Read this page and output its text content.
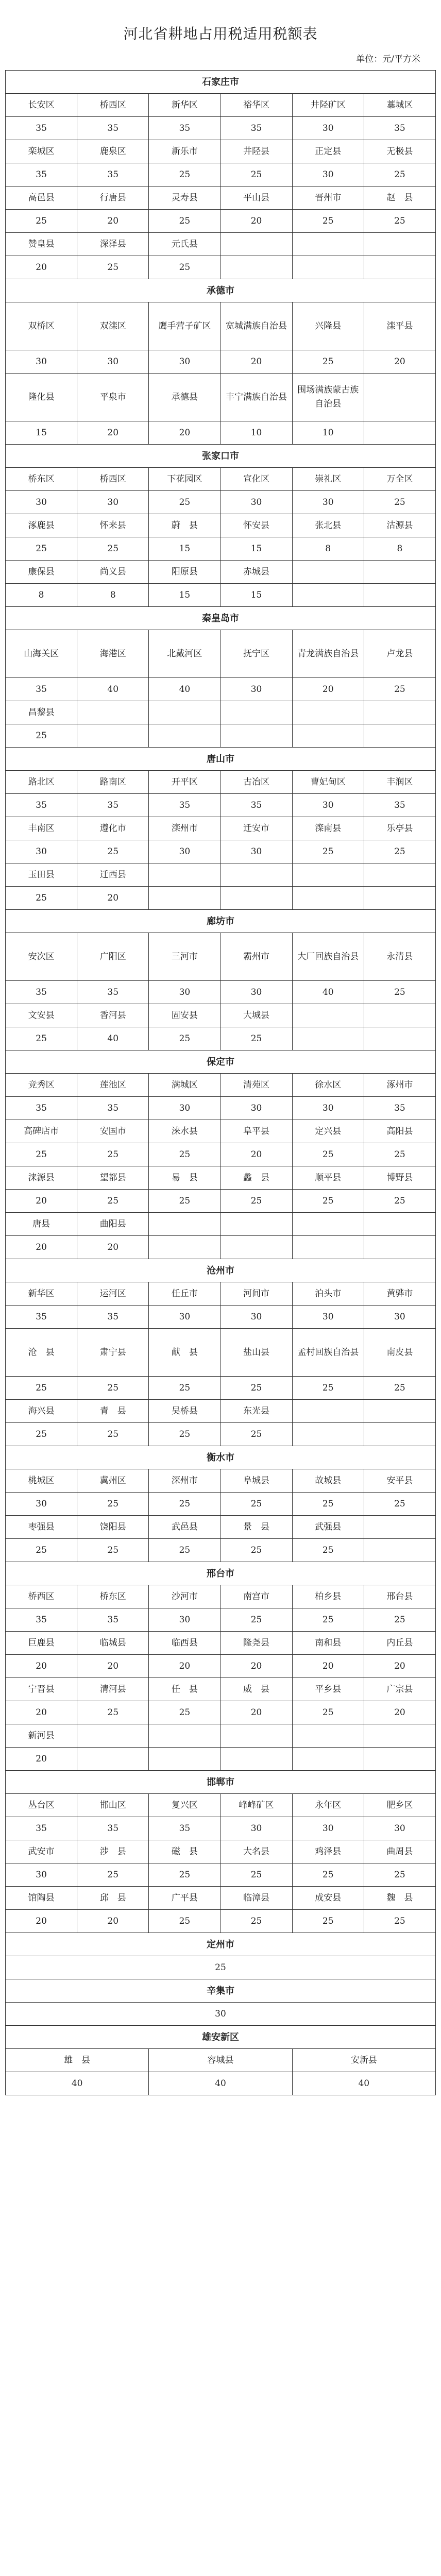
河北省耕地占用税适用税额表
单位：元/平方米
石家庄市					
长安区	桥西区	新华区	裕华区	井陉矿区	藁城区
35	35	35	35	30	35
栾城区	鹿泉区	新乐市	井陉县	正定县	无极县
35	35	25	25	30	25
高邑县	行唐县	灵寿县	平山县	晋州市	赵　县
25	20	25	20	25	25
赞皇县	深泽县	元氏县			
20	25	25			
承德市					
双桥区	双滦区	鹰手营子矿区	宽城满族自治县	兴隆县	滦平县
30	30	30	20	25	20
隆化县	平泉市	承德县	丰宁满族自治县	围场满族蒙古族自治县	
15	20	20	10	10	
张家口市					
桥东区	桥西区	下花园区	宣化区	崇礼区	万全区
30	30	25	30	30	25
涿鹿县	怀来县	蔚　县	怀安县	张北县	沽源县
25	25	15	15	8	8
康保县	尚义县	阳原县	赤城县		
8	8	15	15		
秦皇岛市					
山海关区	海港区	北戴河区	抚宁区	青龙满族自治县	卢龙县
35	40	40	30	20	25
昌黎县					
25					
唐山市					
路北区	路南区	开平区	古冶区	曹妃甸区	丰润区
35	35	35	35	30	35
丰南区	遵化市	滦州市	迁安市	滦南县	乐亭县
30	25	30	30	25	25
玉田县	迁西县				
25	20				
廊坊市					
安次区	广阳区	三河市	霸州市	大厂回族自治县	永清县
35	35	30	30	40	25
文安县	香河县	固安县	大城县		
25	40	25	25		
保定市					
竞秀区	莲池区	满城区	清苑区	徐水区	涿州市
35	35	30	30	30	35
高碑店市	安国市	涞水县	阜平县	定兴县	高阳县
25	25	25	20	25	25
涞源县	望都县	易　县	蠡　县	顺平县	博野县
20	25	25	25	25	25
唐县	曲阳县				
20	20				
沧州市					
新华区	运河区	任丘市	河间市	泊头市	黄骅市
35	35	30	30	30	30
沧　县	肃宁县	献　县	盐山县	孟村回族自治县	南皮县
25	25	25	25	25	25
海兴县	青　县	吴桥县	东光县		
25	25	25	25		
衡水市					
桃城区	冀州区	深州市	阜城县	故城县	安平县
30	25	25	25	25	25
枣强县	饶阳县	武邑县	景　县	武强县	
25	25	25	25	25	
邢台市					
桥西区	桥东区	沙河市	南宫市	柏乡县	邢台县
35	35	30	25	25	25
巨鹿县	临城县	临西县	隆尧县	南和县	内丘县
20	20	20	20	20	20
宁晋县	清河县	任　县	威　县	平乡县	广宗县
20	25	25	20	25	20
新河县					
20					
邯郸市					
丛台区	邯山区	复兴区	峰峰矿区	永年区	肥乡区
35	35	35	30	30	30
武安市	涉　县	磁　县	大名县	鸡泽县	曲周县
30	25	25	25	25	25
馆陶县	邱　县	广平县	临漳县	成安县	魏　县
20	20	25	25	25	25
定州市					
25					
辛集市					
30					
雄安新区					
雄　县		容城县		安新县	
40		40		40	
